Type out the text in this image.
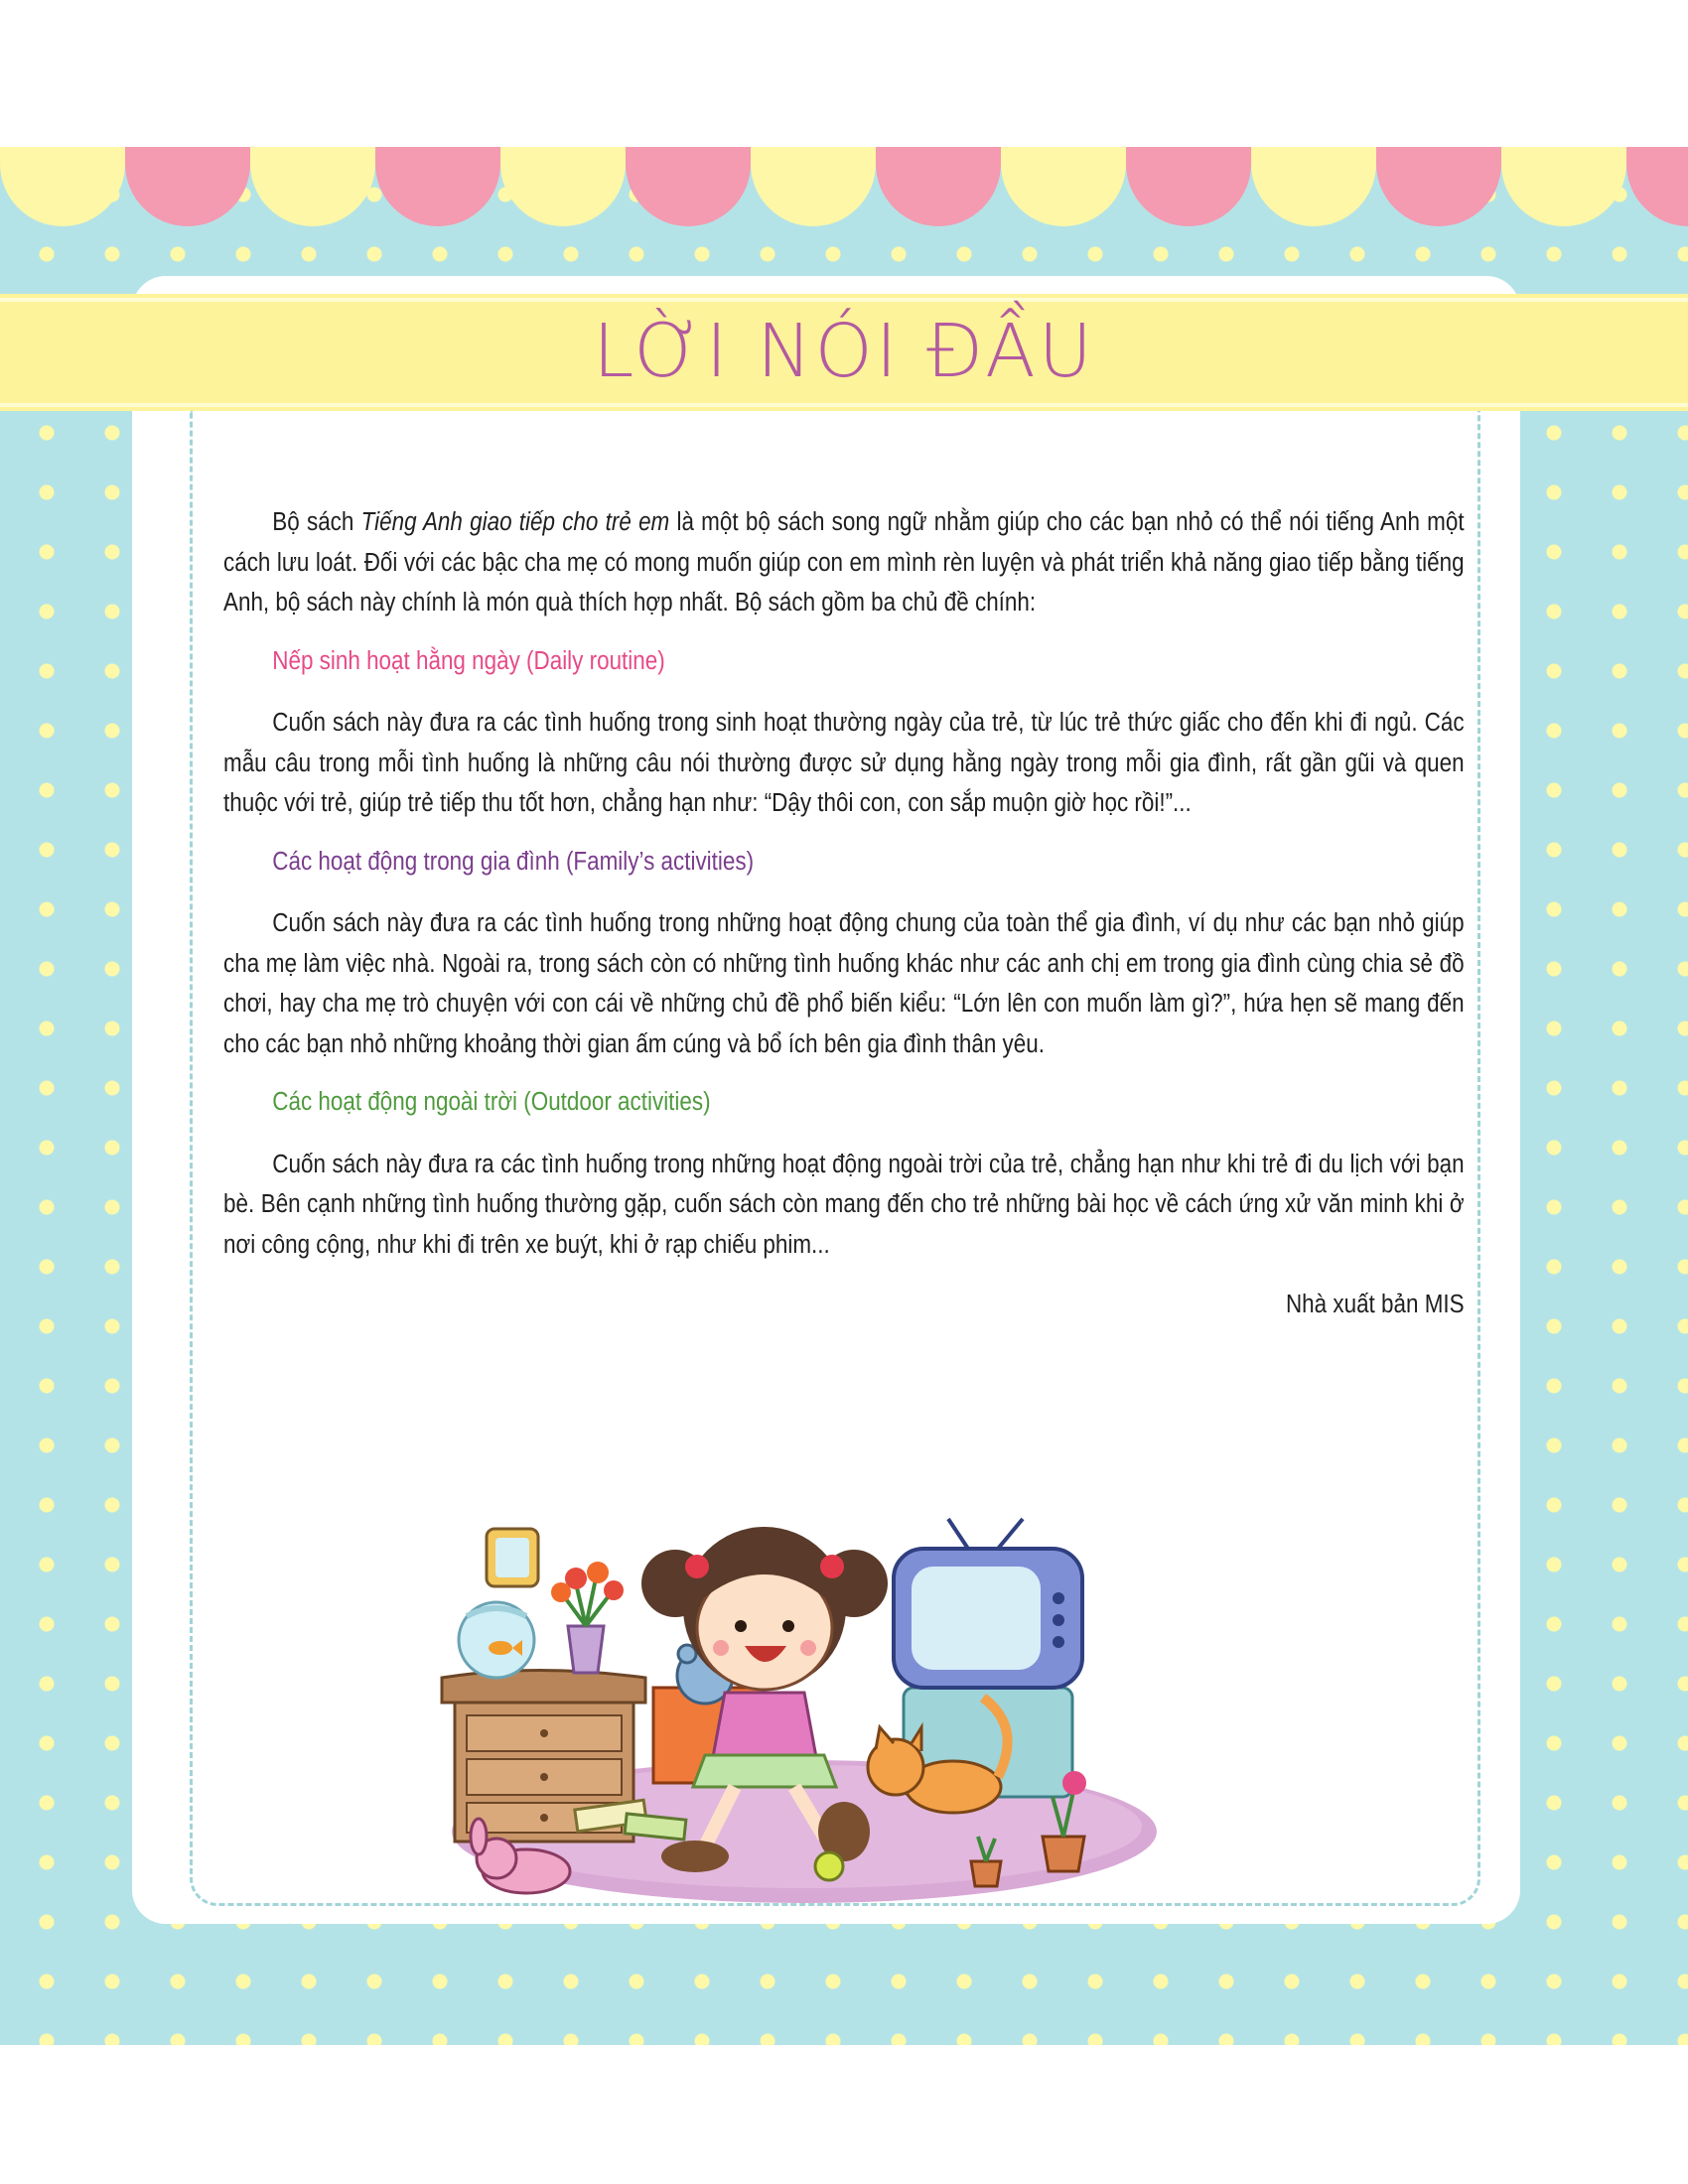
LỜI NÓI ĐẦU

Bộ sách Tiếng Anh giao tiếp cho trẻ em là một bộ sách song ngữ nhằm giúp cho các bạn nhỏ có thể nói tiếng Anh một cách lưu loát. Đối với các bậc cha mẹ có mong muốn giúp con em mình rèn luyện và phát triển khả năng giao tiếp bằng tiếng Anh, bộ sách này chính là món quà thích hợp nhất. Bộ sách gồm ba chủ đề chính:

Nếp sinh hoạt hằng ngày (Daily routine)

Cuốn sách này đưa ra các tình huống trong sinh hoạt thường ngày của trẻ, từ lúc trẻ thức giấc cho đến khi đi ngủ. Các mẫu câu trong mỗi tình huống là những câu nói thường được sử dụng hằng ngày trong mỗi gia đình, rất gần gũi và quen thuộc với trẻ, giúp trẻ tiếp thu tốt hơn, chẳng hạn như: “Dậy thôi con, con sắp muộn giờ học rồi!”...

Các hoạt động trong gia đình (Family’s activities)

Cuốn sách này đưa ra các tình huống trong những hoạt động chung của toàn thể gia đình, ví dụ như các bạn nhỏ giúp cha mẹ làm việc nhà. Ngoài ra, trong sách còn có những tình huống khác như các anh chị em trong gia đình cùng chia sẻ đồ chơi, hay cha mẹ trò chuyện với con cái về những chủ đề phổ biến kiểu: “Lớn lên con muốn làm gì?”, hứa hẹn sẽ mang đến cho các bạn nhỏ những khoảng thời gian ấm cúng và bổ ích bên gia đình thân yêu.

Các hoạt động ngoài trời (Outdoor activities)

Cuốn sách này đưa ra các tình huống trong những hoạt động ngoài trời của trẻ, chẳng hạn như khi trẻ đi du lịch với bạn bè. Bên cạnh những tình huống thường gặp, cuốn sách còn mang đến cho trẻ những bài học về cách ứng xử văn minh khi ở nơi công cộng, như khi đi trên xe buýt, khi ở rạp chiếu phim...

Nhà xuất bản MIS
